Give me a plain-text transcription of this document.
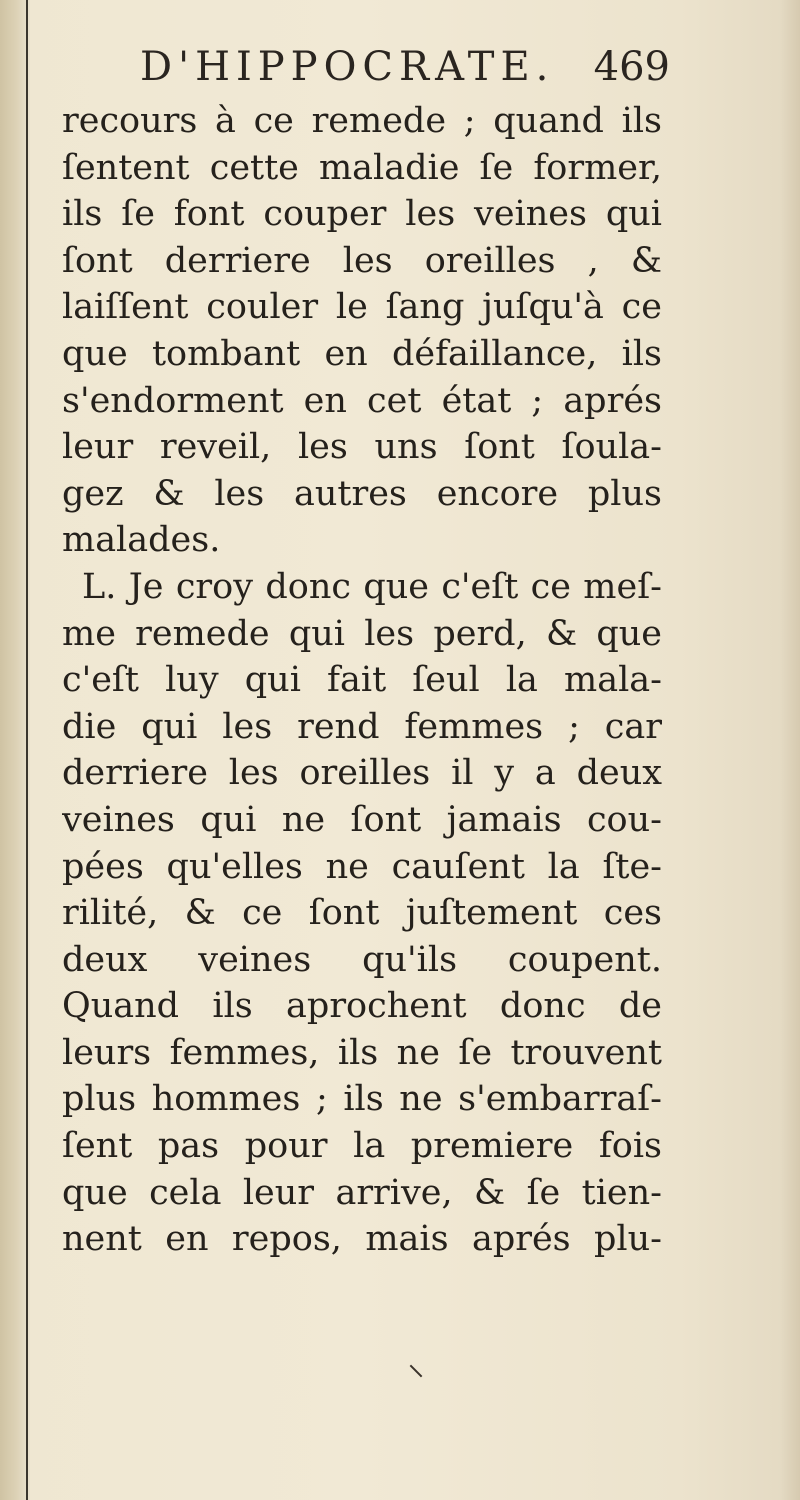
D'HIPPOCRATE. 469
recours à ce remede ; quand ils
ſentent cette maladie ſe former,
ils ſe font couper les veines qui
ſont derriere les oreilles , &
laiſſent couler le ſang juſqu'à ce
que tombant en défaillance, ils
s'endorment en cet état ; aprés
leur reveil, les uns ſont ſoula-
gez & les autres encore plus
malades.
L. Je croy donc que c'eſt ce meſ-
me remede qui les perd, & que
c'eſt luy qui fait ſeul la mala-
die qui les rend femmes ; car
derriere les oreilles il y a deux
veines qui ne ſont jamais cou-
pées qu'elles ne cauſent la ſte-
rilité, & ce ſont juſtement ces
deux veines qu'ils coupent.
Quand ils aprochent donc de
leurs femmes, ils ne ſe trouvent
plus hommes ; ils ne s'embarraſ-
ſent pas pour la premiere fois
que cela leur arrive, & ſe tien-
nent en repos, mais aprés plu-
